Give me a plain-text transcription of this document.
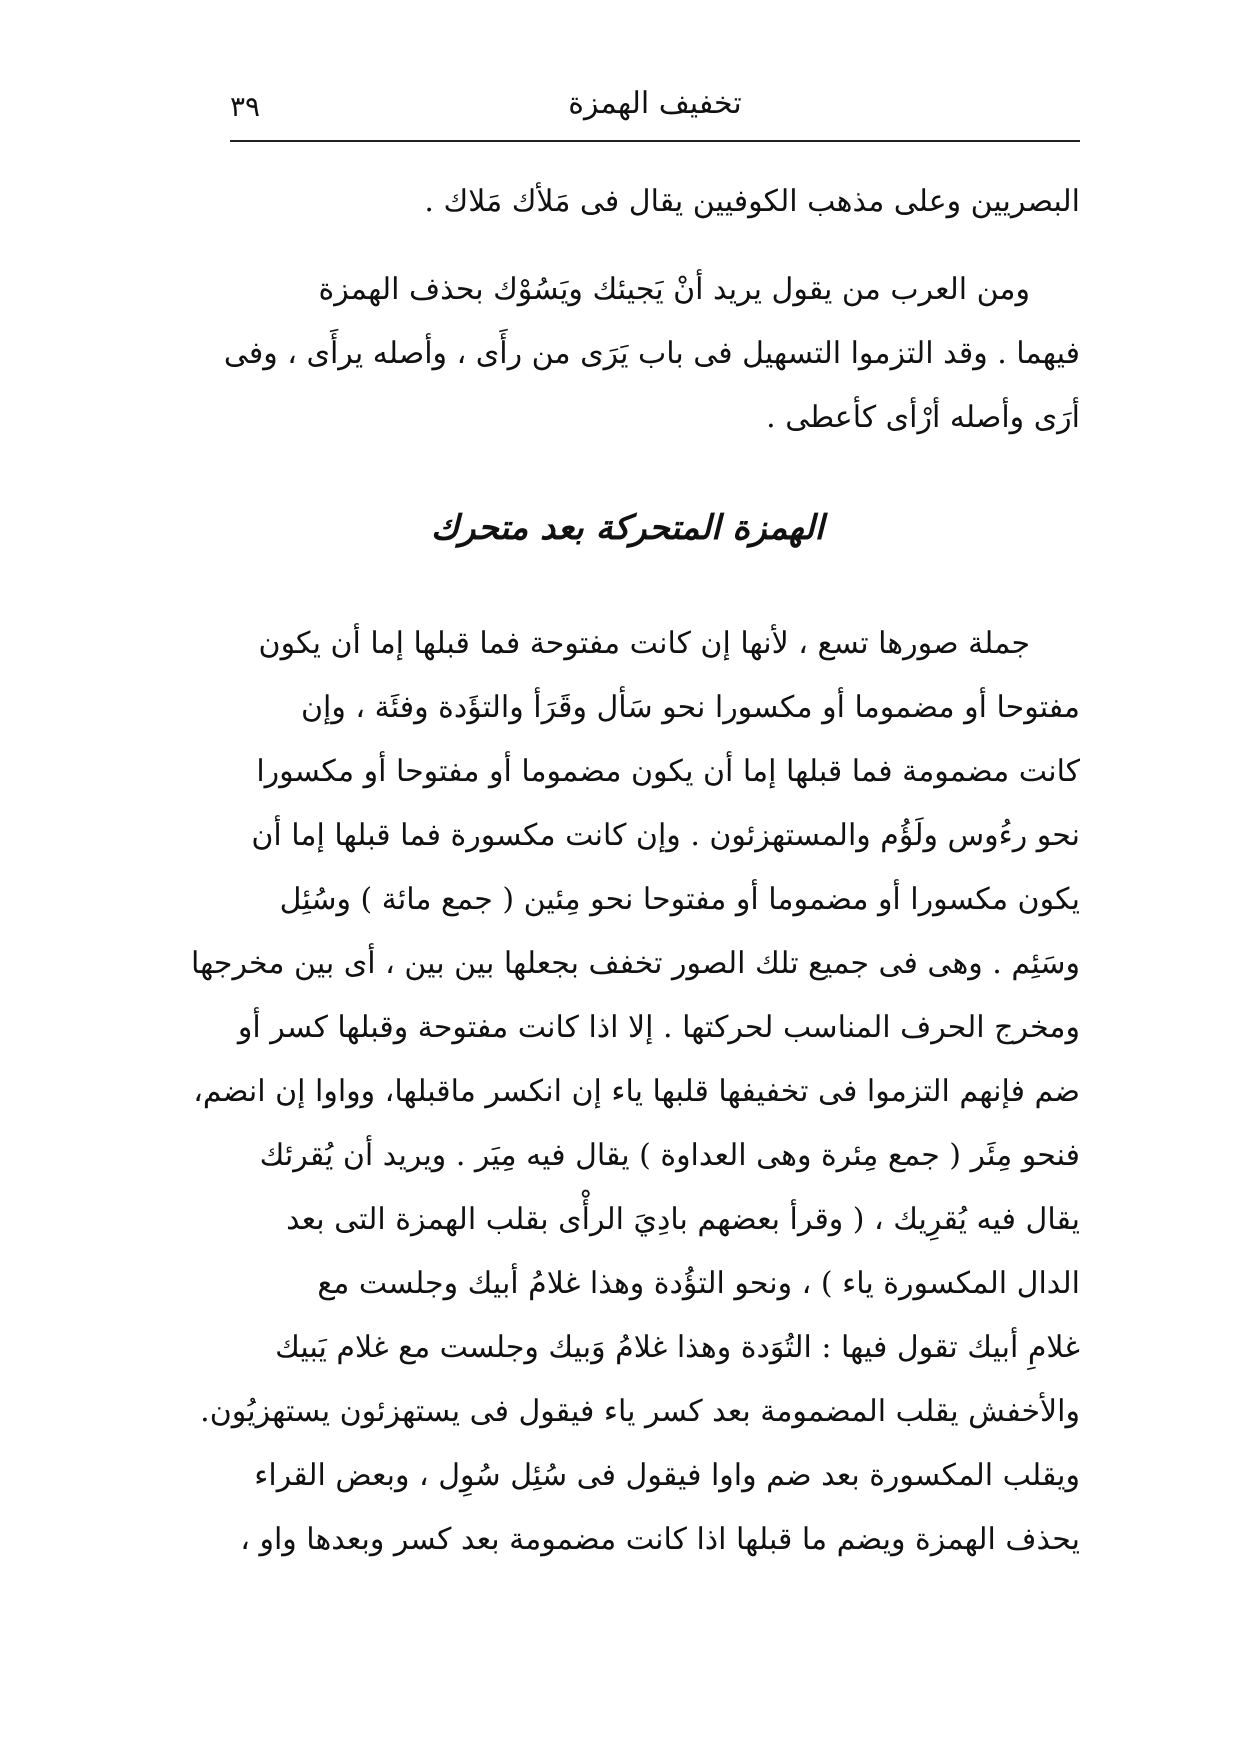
٣٩	تخفيف الهمزة
البصريين وعلى مذهب الكوفيين يقال فى مَلأك مَلاك .
ومن العرب من يقول يريد أنْ يَجيئك ويَسُوْك بحذف الهمزة
فيهما . وقد التزموا التسهيل فى باب يَرَى من رأَى ، وأصله يرأَى ، وفى
أرَى وأصله أرْأى كأعطى .
الهمزة المتحركة بعد متحرك
جملة صورها تسع ، لأنها إن كانت مفتوحة فما قبلها إما أن يكون
مفتوحا أو مضموما أو مكسورا نحو سَأل وقَرَأ والتؤَدة وفئَة ، وإن
كانت مضمومة فما قبلها إما أن يكون مضموما أو مفتوحا أو مكسورا
نحو رءُوس ولَؤُم والمستهزئون . وإن كانت مكسورة فما قبلها إما أن
يكون مكسورا أو مضموما أو مفتوحا نحو مِئين ( جمع مائة ) وسُئِل
وسَئِم . وهى فى جميع تلك الصور تخفف بجعلها بين بين ، أى بين مخرجها
ومخرج الحرف المناسب لحركتها . إلا اذا كانت مفتوحة وقبلها كسر أو
ضم فإنهم التزموا فى تخفيفها قلبها ياء إن انكسر ماقبلها، وواوا إن انضم،
فنحو مِئَر ( جمع مِئرة وهى العداوة ) يقال فيه مِيَر . ويريد أن يُقرئك
يقال فيه يُقرِيك ، ( وقرأ بعضهم بادِيَ الرأْى بقلب الهمزة التى بعد
الدال المكسورة ياء ) ، ونحو التؤُدة وهذا غلامُ أبيك وجلست مع
غلامِ أبيك تقول فيها : التُوَدة وهذا غلامُ وَبيك وجلست مع غلام يَبيك
والأخفش يقلب المضمومة بعد كسر ياء فيقول فى يستهزئون يستهزيُون.
ويقلب المكسورة بعد ضم واوا فيقول فى سُئِل سُوِل ، وبعض القراء
يحذف الهمزة ويضم ما قبلها اذا كانت مضمومة بعد كسر وبعدها واو ،
